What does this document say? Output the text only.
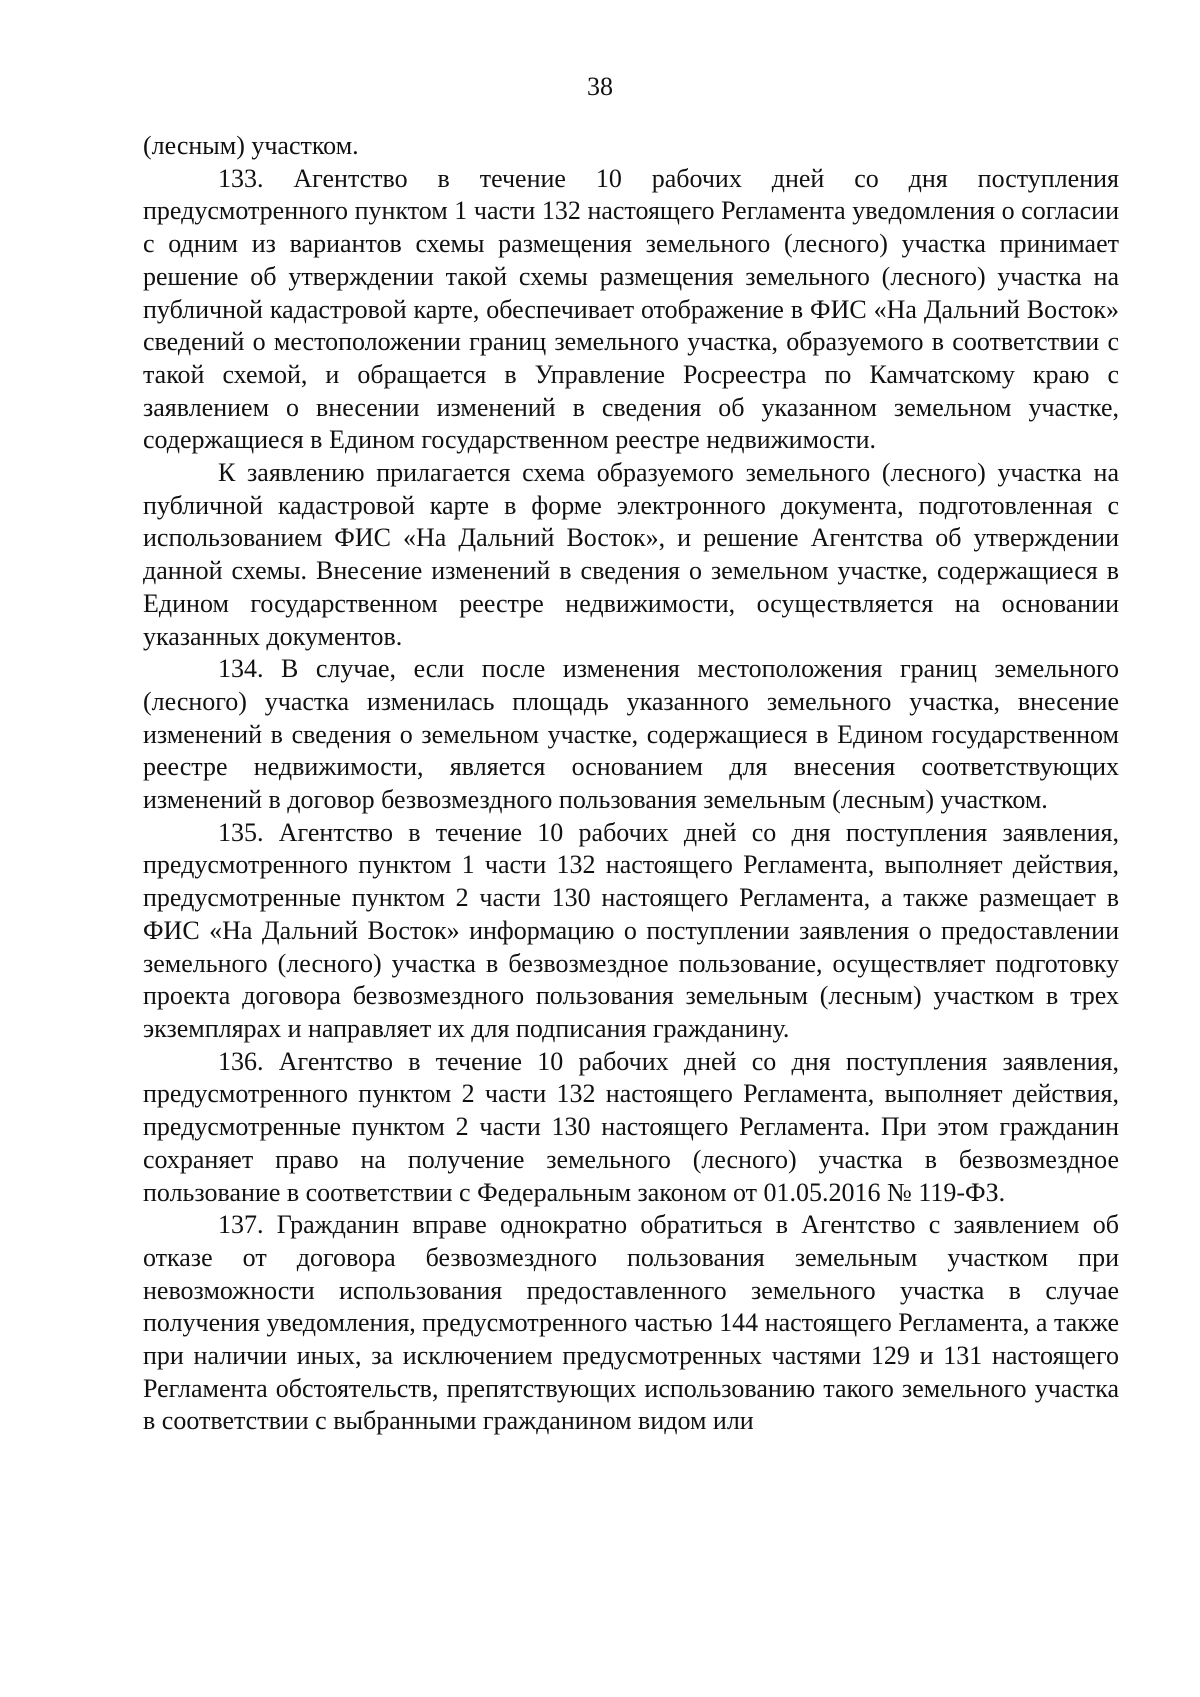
38

(лесным) участком.

133. Агентство в течение 10 рабочих дней со дня поступления предусмотренного пунктом 1 части 132 настоящего Регламента уведомления о согласии с одним из вариантов схемы размещения земельного (лесного) участка принимает решение об утверждении такой схемы размещения земельного (лесного) участка на публичной кадастровой карте, обеспечивает отображение в ФИС «На Дальний Восток» сведений о местоположении границ земельного участка, образуемого в соответствии с такой схемой, и обращается в Управление Росреестра по Камчатскому краю с заявлением о внесении изменений в сведения об указанном земельном участке, содержащиеся в Едином государственном реестре недвижимости.

К заявлению прилагается схема образуемого земельного (лесного) участка на публичной кадастровой карте в форме электронного документа, подготовленная с использованием ФИС «На Дальний Восток», и решение Агентства об утверждении данной схемы. Внесение изменений в сведения о земельном участке, содержащиеся в Едином государственном реестре недвижимости, осуществляется на основании указанных документов.

134. В случае, если после изменения местоположения границ земельного (лесного) участка изменилась площадь указанного земельного участка, внесение изменений в сведения о земельном участке, содержащиеся в Едином государственном реестре недвижимости, является основанием для внесения соответствующих изменений в договор безвозмездного пользования земельным (лесным) участком.

135. Агентство в течение 10 рабочих дней со дня поступления заявления, предусмотренного пунктом 1 части 132 настоящего Регламента, выполняет действия, предусмотренные пунктом 2 части 130 настоящего Регламента, а также размещает в ФИС «На Дальний Восток» информацию о поступлении заявления о предоставлении земельного (лесного) участка в безвозмездное пользование, осуществляет подготовку проекта договора безвозмездного пользования земельным (лесным) участком в трех экземплярах и направляет их для подписания гражданину.

136. Агентство в течение 10 рабочих дней со дня поступления заявления, предусмотренного пунктом 2 части 132 настоящего Регламента, выполняет действия, предусмотренные пунктом 2 части 130 настоящего Регламента. При этом гражданин сохраняет право на получение земельного (лесного) участка в безвозмездное пользование в соответствии с Федеральным законом от 01.05.2016 № 119-ФЗ.

137. Гражданин вправе однократно обратиться в Агентство с заявлением об отказе от договора безвозмездного пользования земельным участком при невозможности использования предоставленного земельного участка в случае получения уведомления, предусмотренного частью 144 настоящего Регламента, а также при наличии иных, за исключением предусмотренных частями 129 и 131 настоящего Регламента обстоятельств, препятствующих использованию такого земельного участка в соответствии с выбранными гражданином видом или
